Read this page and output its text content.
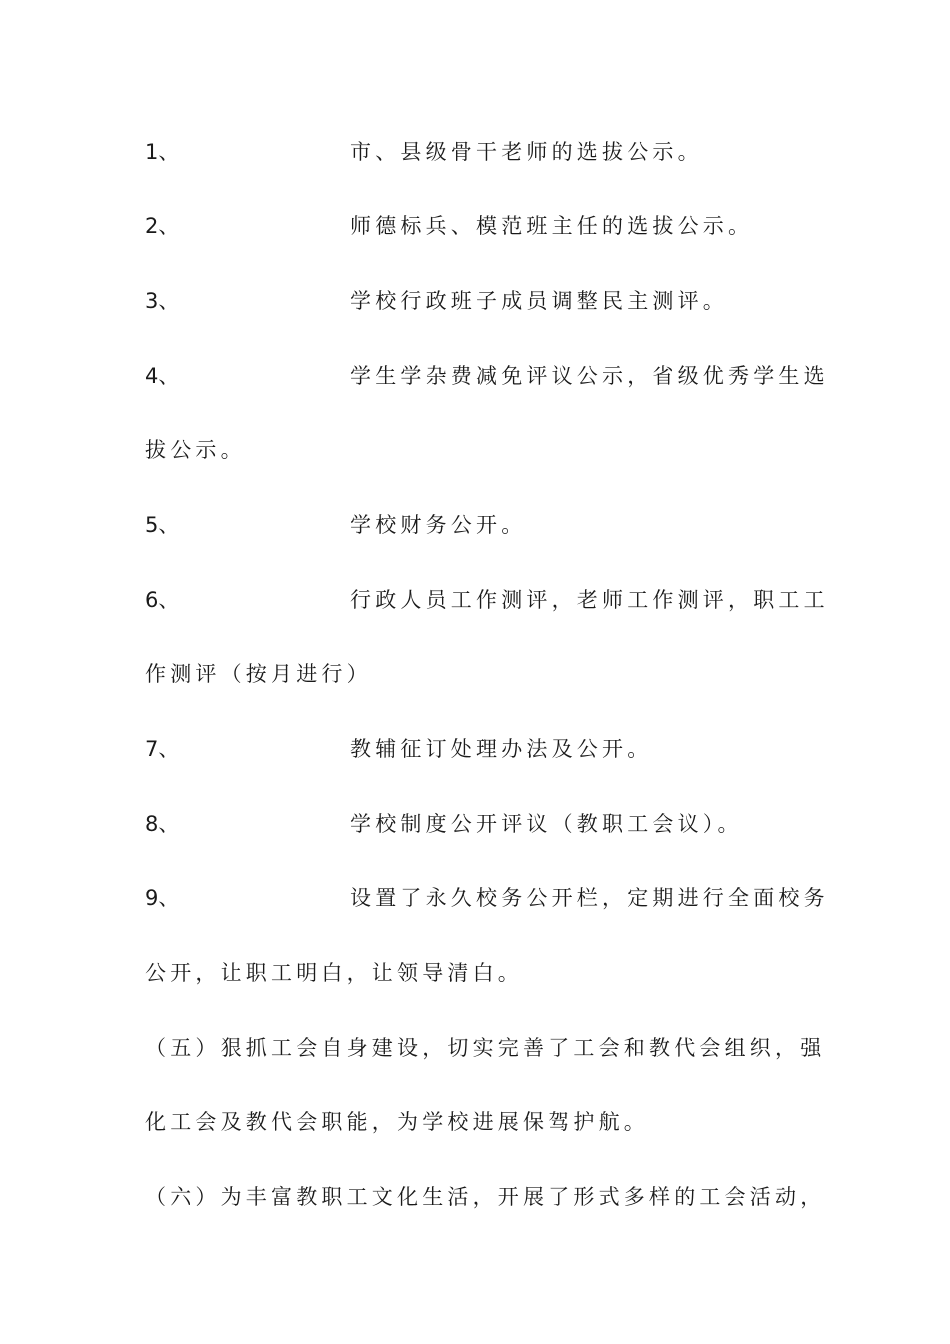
1、	市、县级骨干老师的选拔公示。
2、	师德标兵、模范班主任的选拔公示。
3、	学校行政班子成员调整民主测评。
4、	学生学杂费减免评议公示，省级优秀学生选
拔公示。
5、	学校财务公开。
6、	行政人员工作测评，老师工作测评，职工工
作测评（按月进行）
7、	教辅征订处理办法及公开。
8、	学校制度公开评议（教职工会议）。
9、	设置了永久校务公开栏，定期进行全面校务
公开，让职工明白，让领导清白。
（五）狠抓工会自身建设，切实完善了工会和教代会组织，强
化工会及教代会职能，为学校进展保驾护航。
（六）为丰富教职工文化生活，开展了形式多样的工会活动，
